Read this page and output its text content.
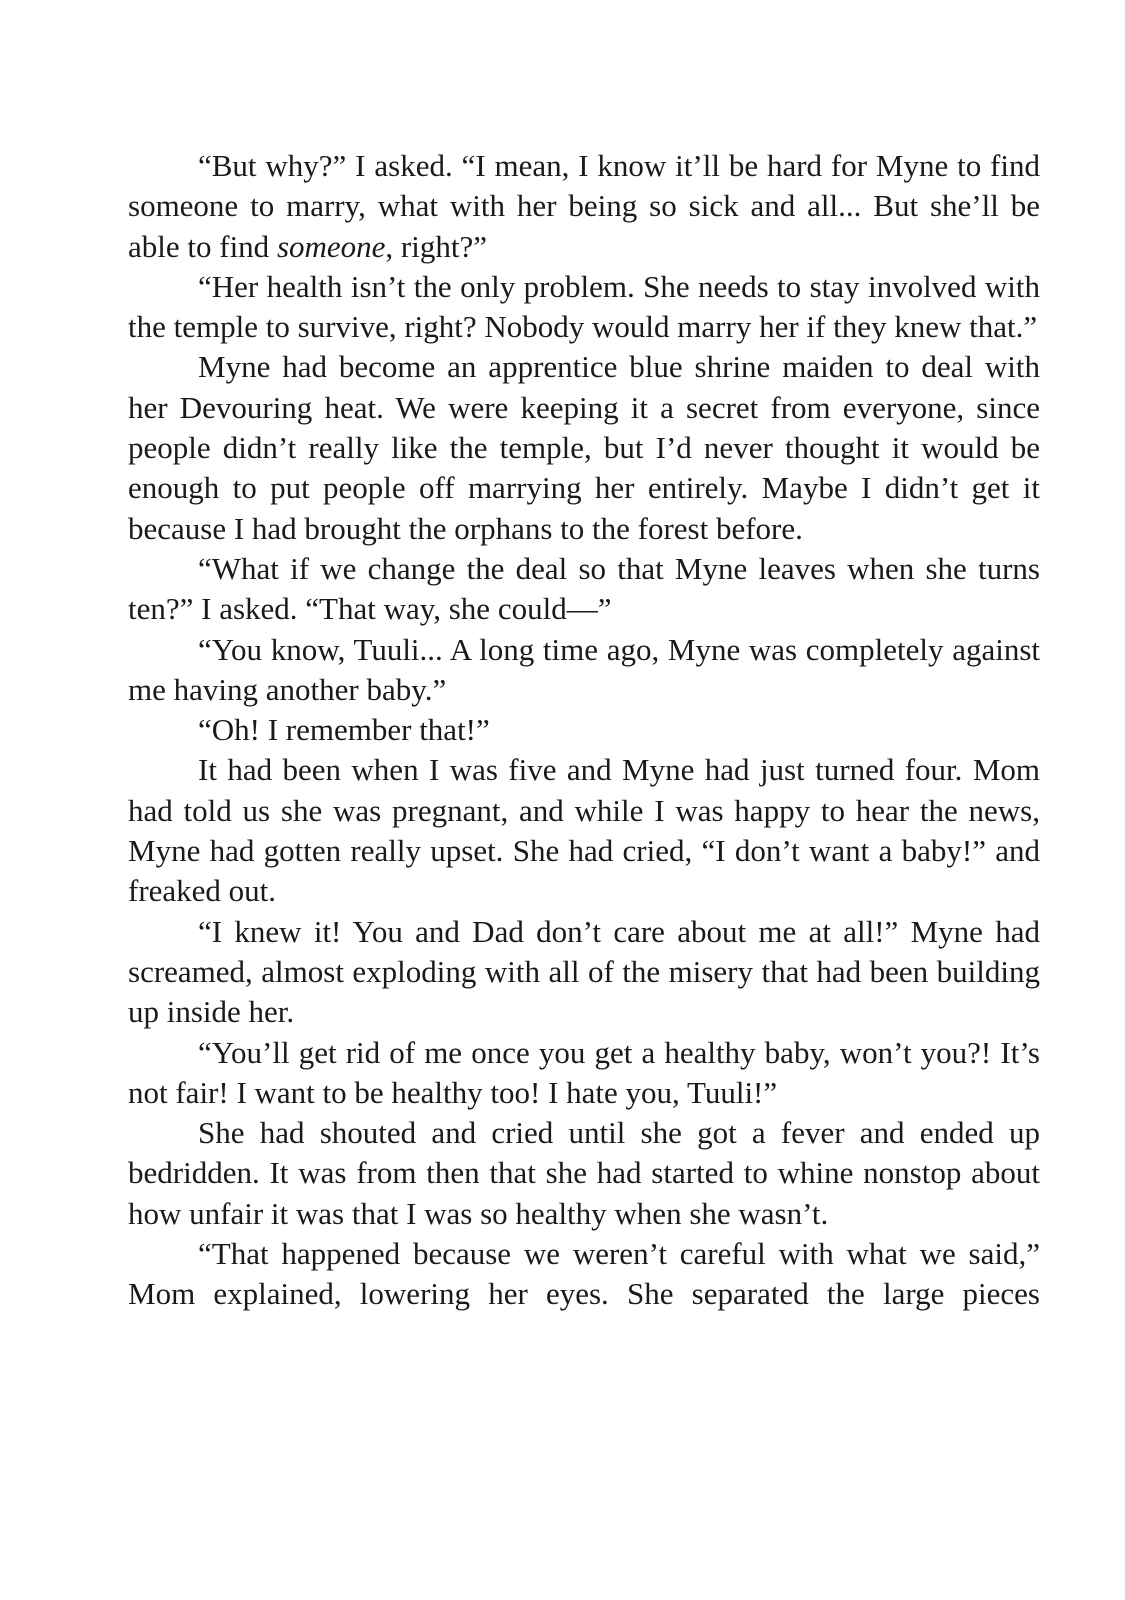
“But why?” I asked. “I mean, I know it’ll be hard for Myne to find someone to marry, what with her being so sick and all... But she’ll be able to find someone, right?”

“Her health isn’t the only problem. She needs to stay involved with the temple to survive, right? Nobody would marry her if they knew that.”

Myne had become an apprentice blue shrine maiden to deal with her Devouring heat. We were keeping it a secret from everyone, since people didn’t really like the temple, but I’d never thought it would be enough to put people off marrying her entirely. Maybe I didn’t get it because I had brought the orphans to the forest before.

“What if we change the deal so that Myne leaves when she turns ten?” I asked. “That way, she could—”

“You know, Tuuli... A long time ago, Myne was completely against me having another baby.”

“Oh! I remember that!”

It had been when I was five and Myne had just turned four. Mom had told us she was pregnant, and while I was happy to hear the news, Myne had gotten really upset. She had cried, “I don’t want a baby!” and freaked out.

“I knew it! You and Dad don’t care about me at all!” Myne had screamed, almost exploding with all of the misery that had been building up inside her.

“You’ll get rid of me once you get a healthy baby, won’t you?! It’s not fair! I want to be healthy too! I hate you, Tuuli!”

She had shouted and cried until she got a fever and ended up bedridden. It was from then that she had started to whine nonstop about how unfair it was that I was so healthy when she wasn’t.

“That happened because we weren’t careful with what we said,” Mom explained, lowering her eyes. She separated the large pieces
